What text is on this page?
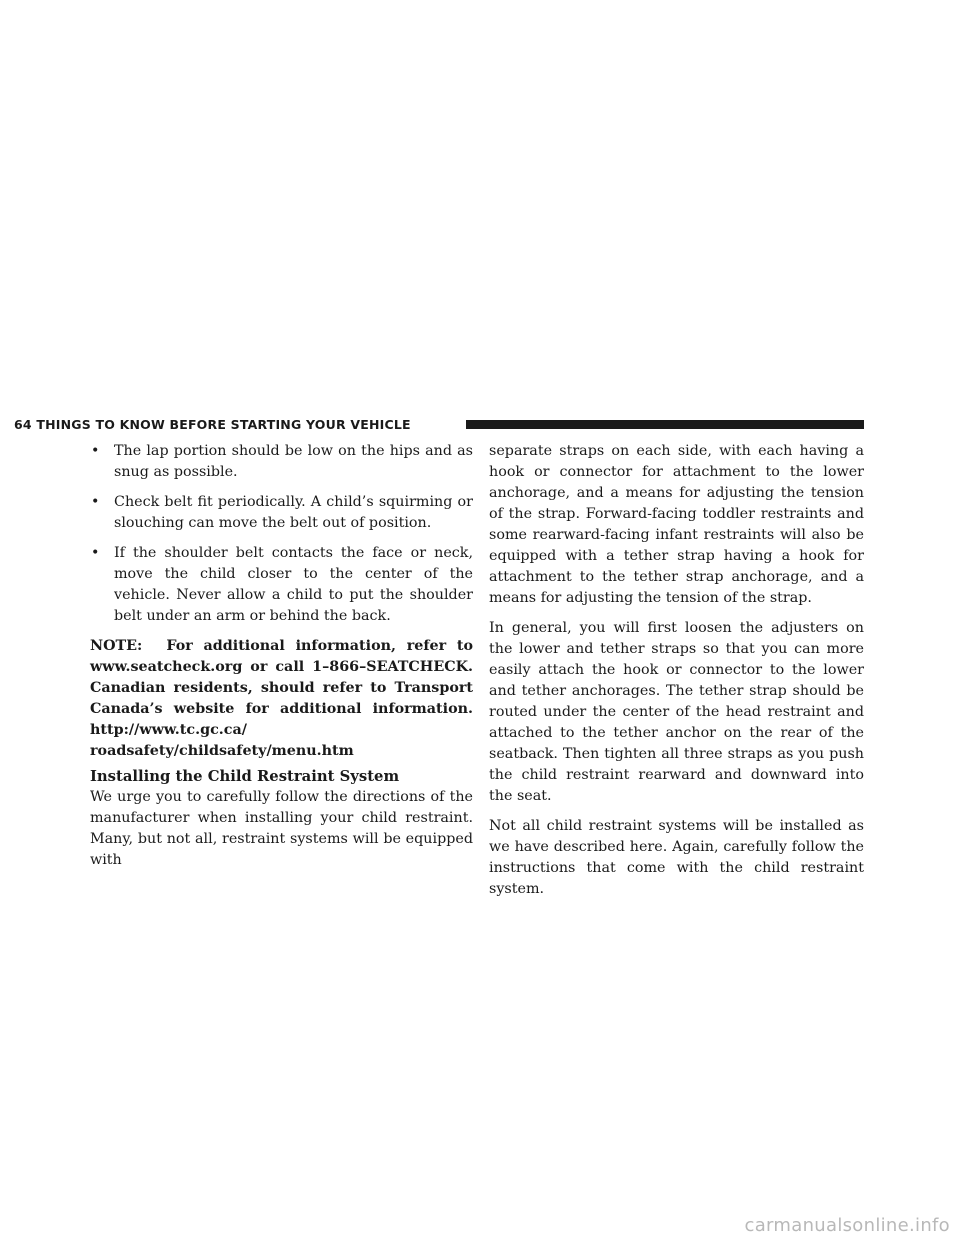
64 THINGS TO KNOW BEFORE STARTING YOUR VEHICLE
• The lap portion should be low on the hips and as snug as possible.
• Check belt fit periodically. A child’s squirming or slouching can move the belt out of position.
• If the shoulder belt contacts the face or neck, move the child closer to the center of the vehicle. Never allow a child to put the shoulder belt under an arm or behind the back.

NOTE: For additional information, refer to www.seatcheck.org or call 1–866–SEATCHECK. Canadian residents, should refer to Transport Canada’s website for additional information. http://www.tc.gc.ca/ roadsafety/childsafety/menu.htm

Installing the Child Restraint System

We urge you to carefully follow the directions of the manufacturer when installing your child restraint. Many, but not all, restraint systems will be equipped with

separate straps on each side, with each having a hook or connector for attachment to the lower anchorage, and a means for adjusting the tension of the strap. Forward-facing toddler restraints and some rearward-facing infant restraints will also be equipped with a tether strap having a hook for attachment to the tether strap anchorage, and a means for adjusting the tension of the strap.

In general, you will first loosen the adjusters on the lower and tether straps so that you can more easily attach the hook or connector to the lower and tether anchorages. The tether strap should be routed under the center of the head restraint and attached to the tether anchor on the rear of the seatback. Then tighten all three straps as you push the child restraint rearward and downward into the seat.

Not all child restraint systems will be installed as we have described here. Again, carefully follow the instructions that come with the child restraint system.

carmanualsonline.info
